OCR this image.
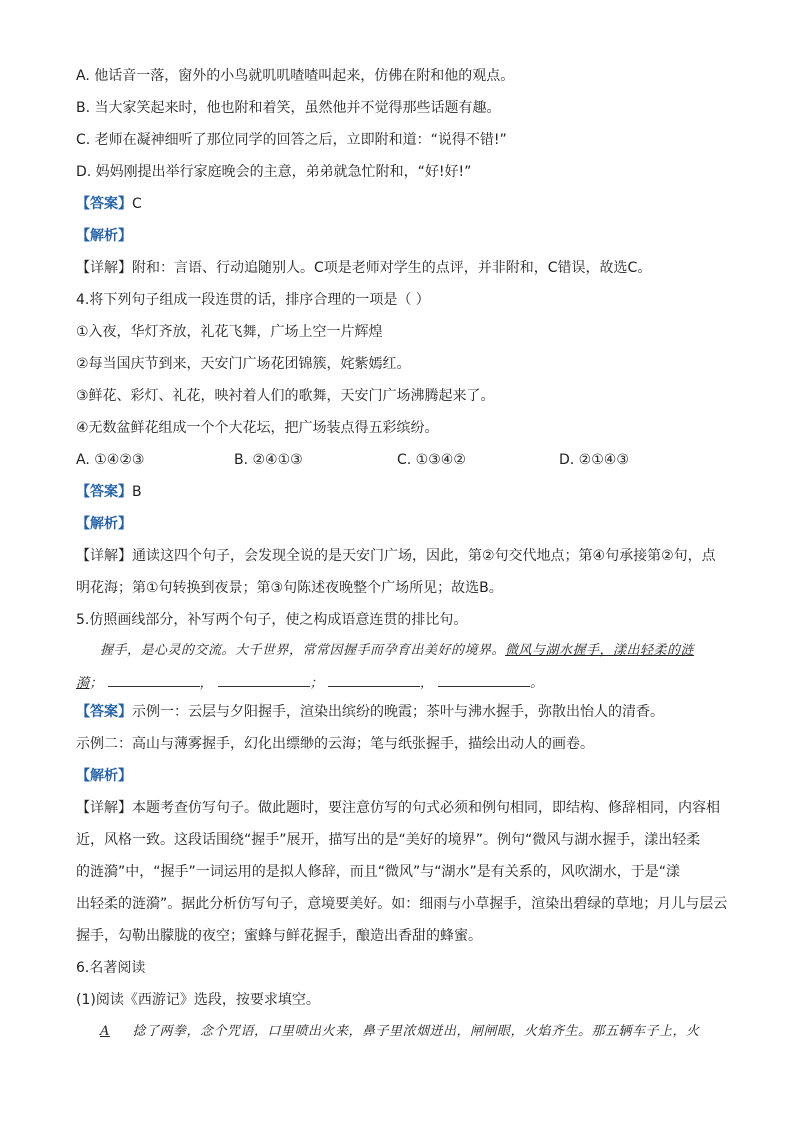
A. 他话音一落，窗外的小鸟就叽叽喳喳叫起来，仿佛在附和他的观点。
B. 当大家笑起来时，他也附和着笑，虽然他并不觉得那些话题有趣。
C. 老师在凝神细听了那位同学的回答之后，立即附和道：“说得不错!”
D. 妈妈刚提出举行家庭晚会的主意，弟弟就急忙附和，“好!好!”
【答案】C
【解析】
【详解】附和：言语、行动追随别人。C项是老师对学生的点评，并非附和，C错误，故选C。
4.将下列句子组成一段连贯的话，排序合理的一项是（ ）
①入夜，华灯齐放，礼花飞舞，广场上空一片辉煌
②每当国庆节到来，天安门广场花团锦簇，姹紫嫣红。
③鲜花、彩灯、礼花，映衬着人们的歌舞，天安门广场沸腾起来了。
④无数盆鲜花组成一个个大花坛，把广场装点得五彩缤纷。
A. ①④②③	B. ②④①③	C. ①③④②	D. ②①④③
【答案】B
【解析】
【详解】通读这四个句子，会发现全说的是天安门广场，因此，第②句交代地点；第④句承接第②句，点
明花海；第①句转换到夜景；第③句陈述夜晚整个广场所见；故选B。
5.仿照画线部分，补写两个句子，使之构成语意连贯的排比句。
握手，是心灵的交流。大千世界，常常因握手而孕育出美好的境界。微风与湖水握手，漾出轻柔的涟
漪；	，	；	，	。
【答案】示例一：云层与夕阳握手，渲染出缤纷的晚霞；茶叶与沸水握手，弥散出怡人的清香。
示例二：高山与薄雾握手，幻化出缥缈的云海；笔与纸张握手，描绘出动人的画卷。
【解析】
【详解】本题考查仿写句子。做此题时，要注意仿写的句式必须和例句相同，即结构、修辞相同，内容相
近，风格一致。这段话围绕“握手”展开，描写出的是“美好的境界”。例句“微风与湖水握手，漾出轻柔
的涟漪”中，“握手”一词运用的是拟人修辞，而且“微风”与“湖水”是有关系的，风吹湖水，于是“漾
出轻柔的涟漪”。据此分析仿写句子，意境要美好。如：细雨与小草握手，渲染出碧绿的草地；月儿与层云
握手，勾勒出朦胧的夜空；蜜蜂与鲜花握手，酿造出香甜的蜂蜜。
6.名著阅读
(1)阅读《西游记》选段，按要求填空。
A 捻了两拳，念个咒语，口里喷出火来，鼻子里浓烟迸出，闸闸眼，火焰齐生。那五辆车子上，火
